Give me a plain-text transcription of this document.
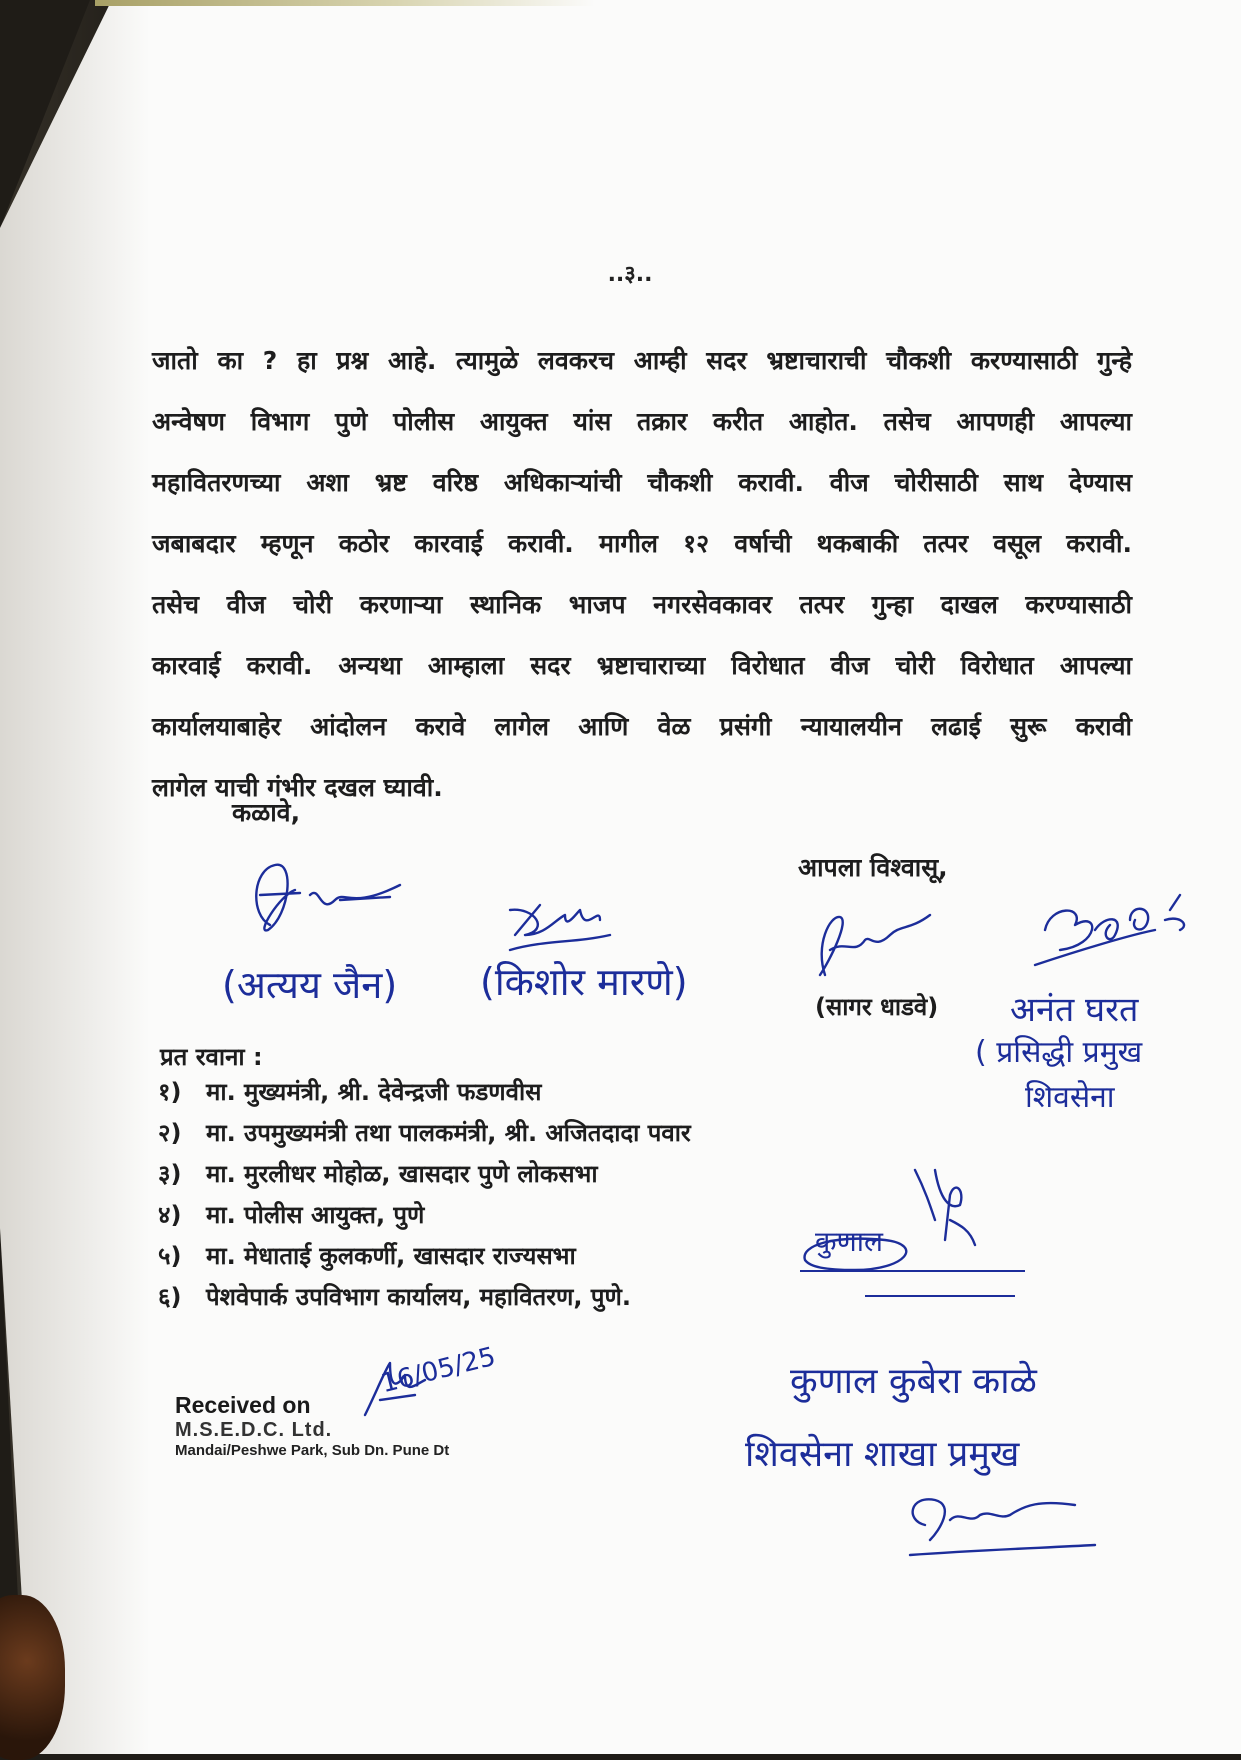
..३..
जातो का ? हा प्रश्न आहे. त्यामुळे लवकरच आम्ही सदर भ्रष्टाचाराची चौकशी करण्यासाठी गुन्हे
अन्वेषण विभाग पुणे पोलीस आयुक्त यांस तक्रार करीत आहोत. तसेच आपणही आपल्या
महावितरणच्या अशा भ्रष्ट वरिष्ठ अधिकाऱ्यांची चौकशी करावी. वीज चोरीसाठी साथ देण्यास
जबाबदार म्हणून कठोर कारवाई करावी. मागील १२ वर्षाची थकबाकी तत्पर वसूल करावी.
तसेच वीज चोरी करणाऱ्या स्थानिक भाजप नगरसेवकावर तत्पर गुन्हा दाखल करण्यासाठी
कारवाई करावी. अन्यथा आम्हाला सदर भ्रष्टाचाराच्या विरोधात वीज चोरी विरोधात आपल्या
कार्यालयाबाहेर आंदोलन करावे लागेल आणि वेळ प्रसंगी न्यायालयीन लढाई सुरू करावी
लागेल याची गंभीर दखल घ्यावी.
कळावे,
आपला विश्वासू,
(अत्यय जैन) (किशोर मारणे)
(सागर धाडवे) अनंत घरत
( प्रसिद्धी प्रमुख
शिवसेना
प्रत रवाना :
१) मा. मुख्यमंत्री, श्री. देवेन्द्रजी फडणवीस
२) मा. उपमुख्यमंत्री तथा पालकमंत्री, श्री. अजितदादा पवार
३) मा. मुरलीधर मोहोळ, खासदार पुणे लोकसभा
४) मा. पोलीस आयुक्त, पुणे
५) मा. मेधाताई कुलकर्णी, खासदार राज्यसभा
६) पेशवेपार्क उपविभाग कार्यालय, महावितरण, पुणे.
कुणाल
कुणाल कुबेरा काळे
शिवसेना शाखा प्रमुख
Received on
M.S.E.D.C. Ltd.
Mandai/Peshwe Park, Sub Dn. Pune Dt
16/05/25
